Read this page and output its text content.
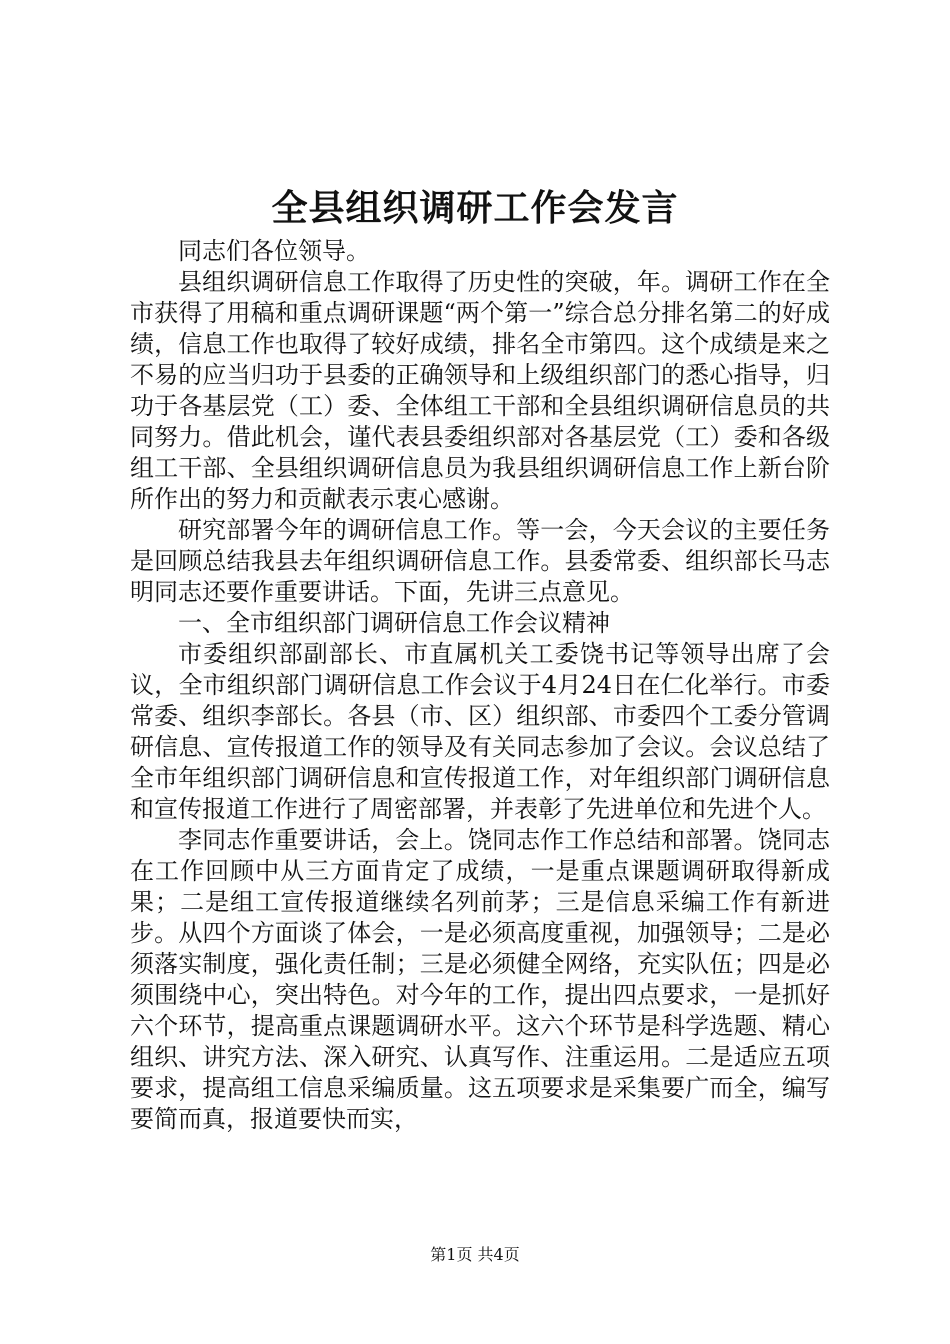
全县组织调研工作会发言

同志们各位领导。

县组织调研信息工作取得了历史性的突破，年。调研工作在全市获得了用稿和重点调研课题“两个第一”综合总分排名第二的好成绩，信息工作也取得了较好成绩，排名全市第四。这个成绩是来之不易的应当归功于县委的正确领导和上级组织部门的悉心指导，归功于各基层党（工）委、全体组工干部和全县组织调研信息员的共同努力。借此机会，谨代表县委组织部对各基层党（工）委和各级组工干部、全县组织调研信息员为我县组织调研信息工作上新台阶所作出的努力和贡献表示衷心感谢。

研究部署今年的调研信息工作。等一会，今天会议的主要任务是回顾总结我县去年组织调研信息工作。县委常委、组织部长马志明同志还要作重要讲话。下面，先讲三点意见。

一、全市组织部门调研信息工作会议精神

市委组织部副部长、市直属机关工委饶书记等领导出席了会议，全市组织部门调研信息工作会议于4月24日在仁化举行。市委常委、组织李部长。各县（市、区）组织部、市委四个工委分管调研信息、宣传报道工作的领导及有关同志参加了会议。会议总结了全市年组织部门调研信息和宣传报道工作，对年组织部门调研信息和宣传报道工作进行了周密部署，并表彰了先进单位和先进个人。

李同志作重要讲话，会上。饶同志作工作总结和部署。饶同志在工作回顾中从三方面肯定了成绩，一是重点课题调研取得新成果；二是组工宣传报道继续名列前茅；三是信息采编工作有新进步。从四个方面谈了体会，一是必须高度重视，加强领导；二是必须落实制度，强化责任制；三是必须健全网络，充实队伍；四是必须围绕中心，突出特色。对今年的工作，提出四点要求，一是抓好六个环节，提高重点课题调研水平。这六个环节是科学选题、精心组织、讲究方法、深入研究、认真写作、注重运用。二是适应五项要求，提高组工信息采编质量。这五项要求是采集要广而全，编写要简而真，报道要快而实，

第1页 共4页
